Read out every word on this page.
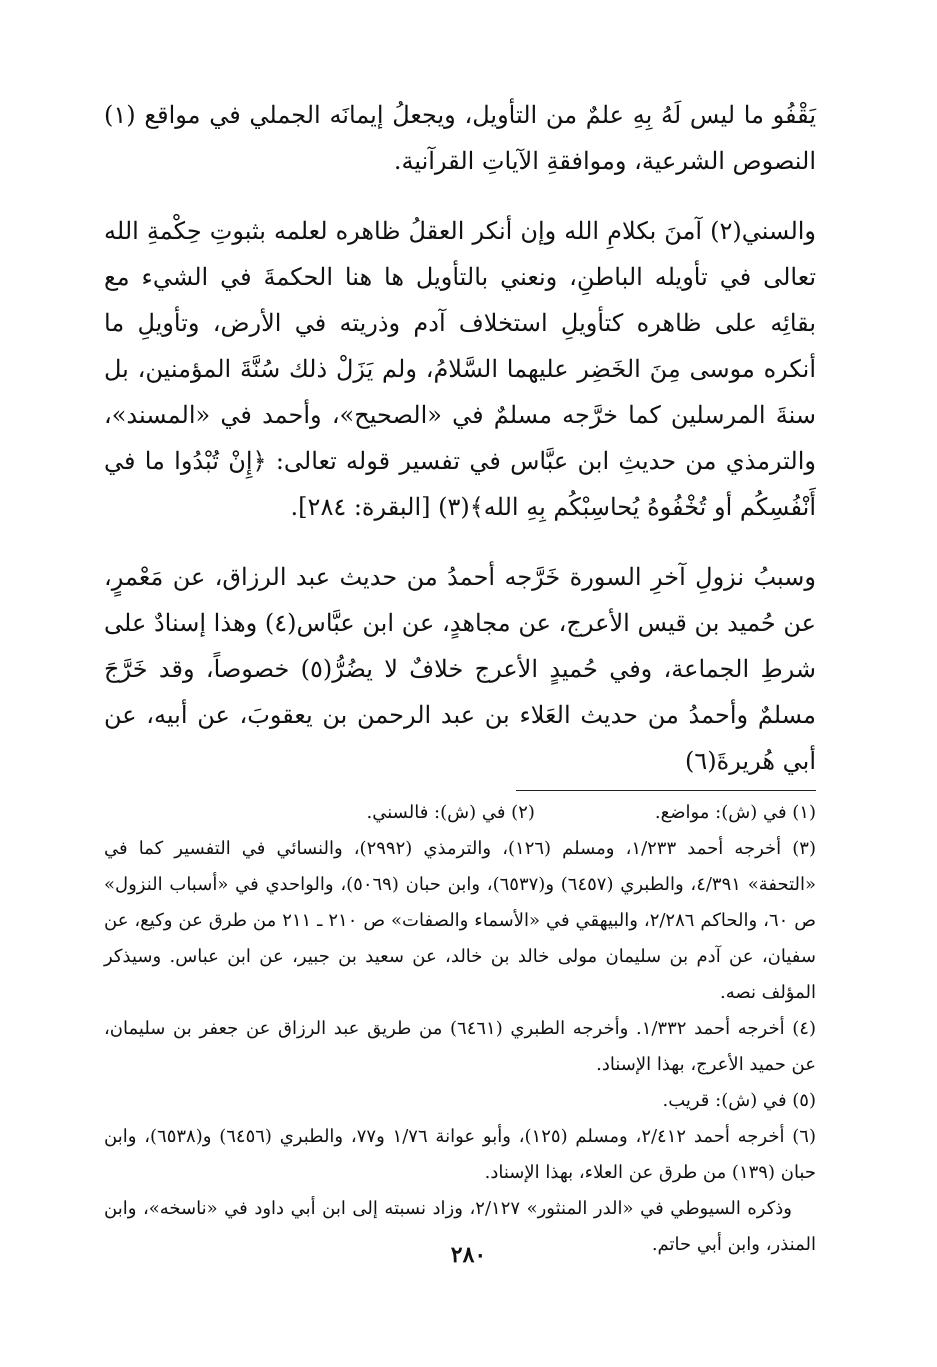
يَقْفُو ما ليس لَهُ بِهِ علمٌ من التأويل، ويجعلُ إيمانَه الجملي في مواقع (١) النصوص الشرعية، وموافقةِ الآياتِ القرآنية.

والسني(٢) آمنَ بكلامِ الله وإن أنكر العقلُ ظاهره لعلمه بثبوتِ حِكْمةِ الله تعالى في تأويله الباطنِ، ونعني بالتأويل ها هنا الحكمةَ في الشيء مع بقائِه على ظاهره كتأويلِ استخلاف آدم وذريته في الأرض، وتأويلِ ما أنكره موسى مِنَ الخَضِر عليهما السَّلامُ، ولم يَزَلْ ذلك سُنَّةَ المؤمنين، بل سنةَ المرسلين كما خرَّجه مسلمٌ في «الصحيح»، وأحمد في «المسند»، والترمذي من حديثِ ابن عبَّاس في تفسير قوله تعالى: ﴿إِنْ تُبْدُوا ما في أَنْفُسِكُم أو تُخْفُوهُ يُحاسِبْكُم بِهِ الله﴾(٣) [البقرة: ٢٨٤].

وسببُ نزولِ آخرِ السورة خَرَّجه أحمدُ من حديث عبد الرزاق، عن مَعْمرٍ، عن حُميد بن قيس الأعرج، عن مجاهدٍ، عن ابن عبَّاس(٤) وهذا إسنادٌ على شرطِ الجماعة، وفي حُميدٍ الأعرج خلافٌ لا يضُرُّ(٥) خصوصاً، وقد خَرَّجَ مسلمٌ وأحمدُ من حديث العَلاء بن عبد الرحمن بن يعقوبَ، عن أبيه، عن أبي هُريرةَ(٦)

(١) في (ش): مواضع.
(٢) في (ش): فالسني.

(٣) أخرجه أحمد ١/٢٣٣، ومسلم (١٢٦)، والترمذي (٢٩٩٢)، والنسائي في التفسير كما في «التحفة» ٤/٣٩١، والطبري (٦٤٥٧) و(٦٥٣٧)، وابن حبان (٥٠٦٩)، والواحدي في «أسباب النزول» ص ٦٠، والحاكم ٢/٢٨٦، والبيهقي في «الأسماء والصفات» ص ٢١٠ ـ ٢١١ من طرق عن وكيع، عن سفيان، عن آدم بن سليمان مولى خالد بن خالد، عن سعيد بن جبير، عن ابن عباس. وسيذكر المؤلف نصه.

(٤) أخرجه أحمد ١/٣٣٢. وأخرجه الطبري (٦٤٦١) من طريق عبد الرزاق عن جعفر بن سليمان، عن حميد الأعرج، بهذا الإسناد.

(٥) في (ش): قريب.

(٦) أخرجه أحمد ٢/٤١٢، ومسلم (١٢٥)، وأبو عوانة ١/٧٦ و٧٧، والطبري (٦٤٥٦) و(٦٥٣٨)، وابن حبان (١٣٩) من طرق عن العلاء، بهذا الإسناد.

وذكره السيوطي في «الدر المنثور» ٢/١٢٧، وزاد نسبته إلى ابن أبي داود في «ناسخه»، وابن المنذر، وابن أبي حاتم.

٢٨٠
